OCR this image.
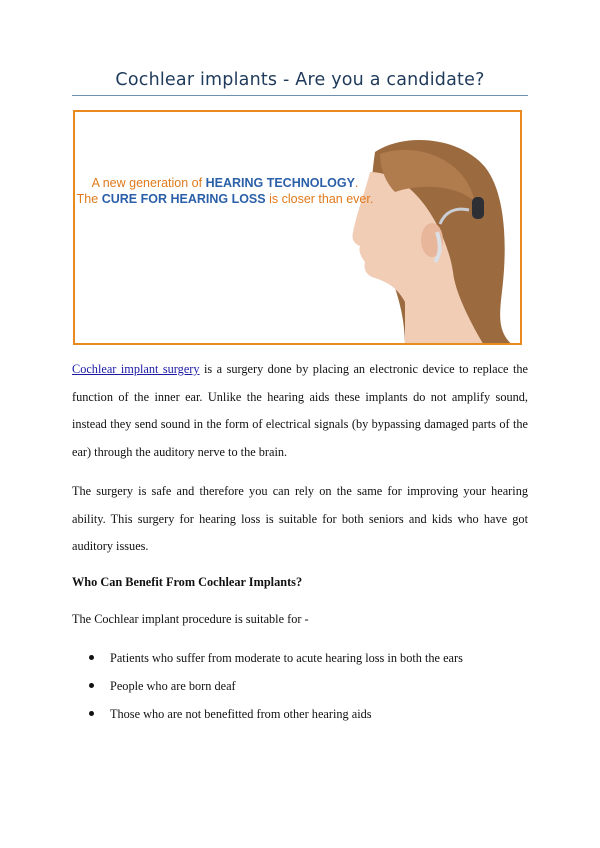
Cochlear implants - Are you a candidate?
A new generation of HEARING TECHNOLOGY.
The CURE FOR HEARING LOSS is closer than ever.

Cochlear implant surgery is a surgery done by placing an electronic device to replace the function of the inner ear. Unlike the hearing aids these implants do not amplify sound, instead they send sound in the form of electrical signals (by bypassing damaged parts of the ear) through the auditory nerve to the brain.

The surgery is safe and therefore you can rely on the same for improving your hearing ability. This surgery for hearing loss is suitable for both seniors and kids who have got auditory issues.

Who Can Benefit From Cochlear Implants?
The Cochlear implant procedure is suitable for -
Patients who suffer from moderate to acute hearing loss in both the ears
People who are born deaf
Those who are not benefitted from other hearing aids
